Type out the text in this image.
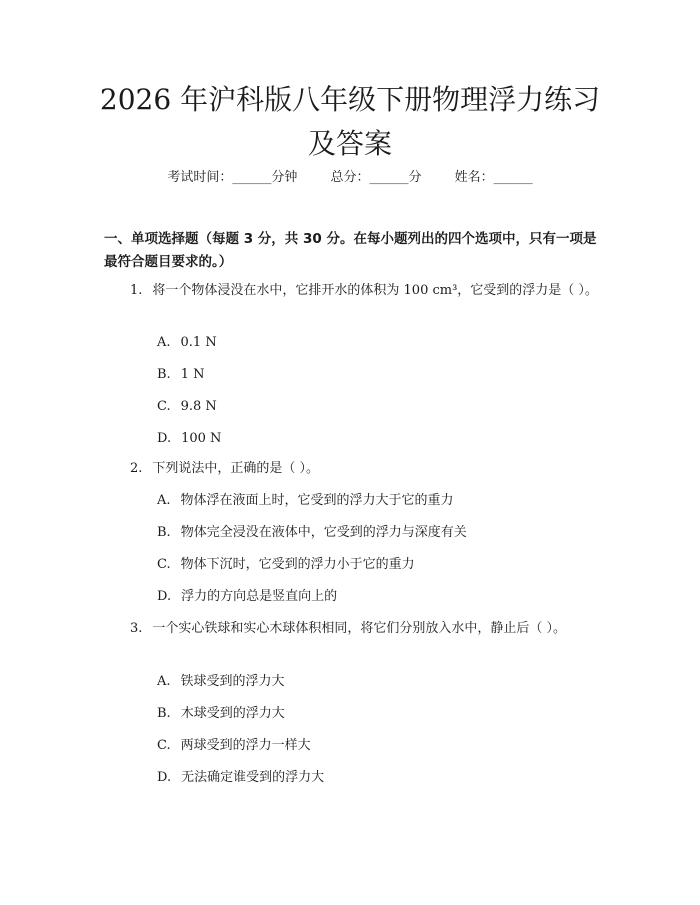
2026 年沪科版八年级下册物理浮力练习及答案
考试时间：______分钟	总分：______分	姓名：______
一、单项选择题（每题 3 分，共 30 分。在每小题列出的四个选项中，只有一项是最符合题目要求的。）
1. 将一个物体浸没在水中，它排开水的体积为 100 cm³，它受到的浮力是（ ）。
A. 0.1 N
B. 1 N
C. 9.8 N
D. 100 N
2. 下列说法中，正确的是（ ）。
A. 物体浮在液面上时，它受到的浮力大于它的重力
B. 物体完全浸没在液体中，它受到的浮力与深度有关
C. 物体下沉时，它受到的浮力小于它的重力
D. 浮力的方向总是竖直向上的
3. 一个实心铁球和实心木球体积相同，将它们分别放入水中，静止后（ ）。
A. 铁球受到的浮力大
B. 木球受到的浮力大
C. 两球受到的浮力一样大
D. 无法确定谁受到的浮力大
